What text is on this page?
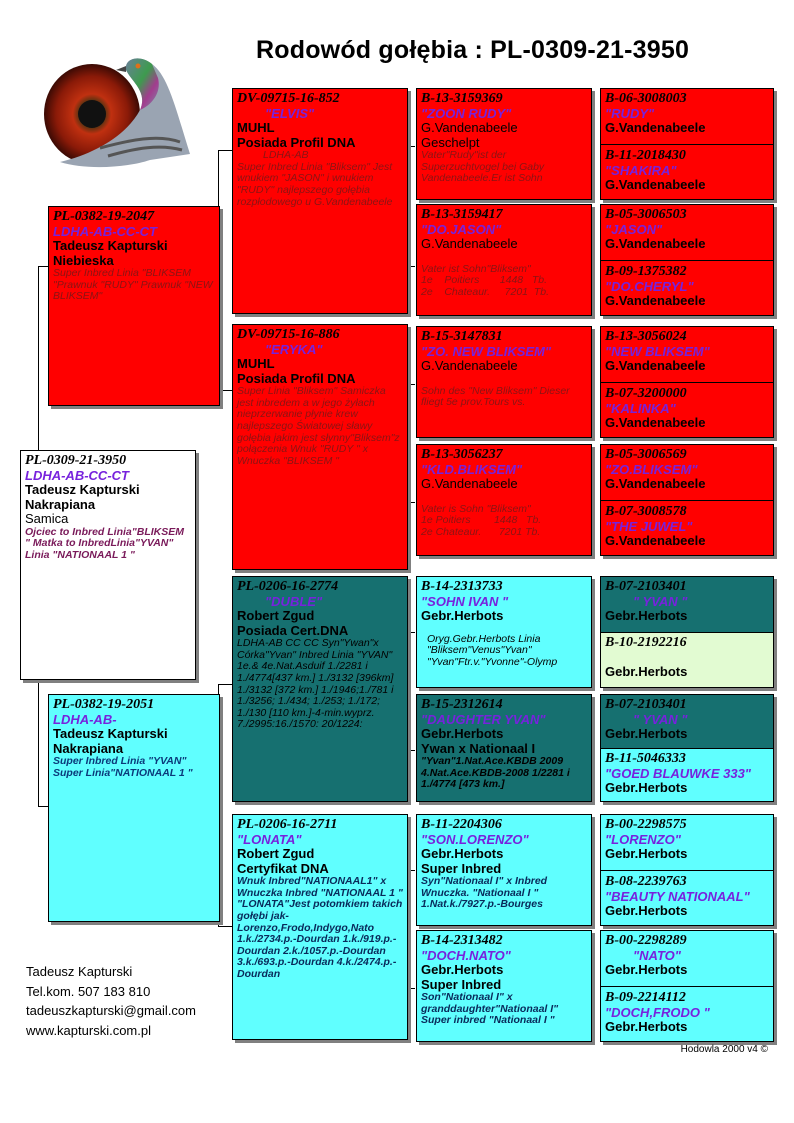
Rodowód gołębia : PL-0309-21-3950
PL-0309-21-3950
LDHA-AB-CC-CT
Tadeusz Kapturski
Nakrapiana
Samica
Ojciec to Inbred Linia"BLIKSEM " Matka to InbredLinia"YVAN" Linia "NATIONAAL 1 "
PL-0382-19-2047
LDHA-AB-CC-CT
Tadeusz Kapturski
Niebieska
Super Inbred Linia "BLIKSEM "Prawnuk "RUDY" Prawnuk "NEW BLIKSEM"
PL-0382-19-2051
LDHA-AB-
Tadeusz Kapturski
Nakrapiana
Super Inbred Linia "YVAN" Super Linia"NATIONAAL 1 "
DV-09715-16-852
"ELVIS"
MUHL
Posiada Profil DNA
LDHA-AB
Super Inbred Linia "Bliksem" Jest wnukiem "JASON" i wnukiem "RUDY" najlepszego gołębia rozpłodowego u G.Vandenabeele
DV-09715-16-886
"ERYKA"
MUHL
Posiada Profil DNA
Super Linia "Bliksem" Samiczka jest inbredem a w jego żyłach nieprzerwanie płynie krew najlepszego Światowej sławy gołębia jakim jest słynny"Bliksem"z połączenia Wnuk "RUDY " x Wnuczka "BLIKSEM "
PL-0206-16-2774
"DUBLE"
Robert Zgud
Posiada Cert.DNA
LDHA-AB CC CC Syn"Ywan"x Córka"Yvan" Inbred Linia "YVAN" 1e.& 4e.Nat.Asduif 1./2281 i 1./4774[437 km.] 1./3132 [396km] 1./3132 [372 km.] 1./1946;1./781 i 1./3256; 1./434; 1./253; 1./172; 1./130 [110 km.]-4-min.wyprz. 7./2995:16./1570: 20/1224:
PL-0206-16-2711
"LONATA"
Robert Zgud
Certyfikat DNA
Wnuk Inbred"NATIONAAL1" x Wnuczka Inbred "NATIONAAL 1 " "LONATA"Jest potomkiem takich gołębi jak- Lorenzo,Frodo,Indygo,Nato 1.k./2734.p.-Dourdan 1.k./919.p.-Dourdan 2.k./1057.p.-Dourdan 3.k./693.p.-Dourdan 4.k./2474.p.-Dourdan
B-13-3159369
"ZOON RUDY"
G.Vandenabeele
Geschelpt
Vater"Rudy"ist der Superzuchtvogel bei Gaby Vandenabeele.Er ist Sohn
B-13-3159417
"DO.JASON"
G.Vandenabeele
Vater ist Sohn"Bliksem"
1e    Poitiers       1448   Tb.
2e    Chateaur.     7201  Tb.
B-15-3147831
"ZO. NEW BLIKSEM"
G.Vandenabeele
Sohn des "New Bliksem" Dieser fliegt 5e prov.Tours vs.
B-13-3056237
"KLD.BLIKSEM"
G.Vandenabeele
Vater is Sohn "Bliksem"
1e Poitiers        1448   Tb.
2e Chateaur.      7201 Tb.
B-14-2313733
"SOHN IVAN "
Gebr.Herbots
Oryg.Gebr.Herbots Linia "Bliksem"Venus"Yvan" "Yvan"Ftr.v."Yvonne"-Olymp
B-15-2312614
"DAUGHTER YVAN"
Gebr.Herbots
Ywan x Nationaal I
"Yvan"1.Nat.Ace.KBDB 2009 4.Nat.Ace.KBDB-2008 1/2281 i 1./4774 [473 km.]
B-11-2204306
"SON.LORENZO"
Gebr.Herbots
Super Inbred
Syn"Nationaal I" x Inbred Wnuczka. "Nationaal I " 1.Nat.k./7927.p.-Bourges
B-14-2313482
"DOCH.NATO"
Gebr.Herbots
Super Inbred
Son"Nationaal I" x granddaughter"Nationaal I" Super inbred "Nationaal I "
B-06-3008003
"RUDY"
G.Vandenabeele
B-11-2018430
"SHAKIRA"
G.Vandenabeele
B-05-3006503
"JASON"
G.Vandenabeele
B-09-1375382
"DO.CHERYL"
G.Vandenabeele
B-13-3056024
"NEW BLIKSEM"
G.Vandenabeele
B-07-3200000
"KALINKA"
G.Vandenabeele
B-05-3006569
"ZO.BLIKSEM"
G.Vandenabeele
B-07-3008578
"THE JUWEL"
G.Vandenabeele
B-07-2103401
" YVAN "
Gebr.Herbots
B-10-2192216

Gebr.Herbots
B-07-2103401
" YVAN "
Gebr.Herbots
B-11-5046333
"GOED BLAUWKE 333"
Gebr.Herbots
B-00-2298575
"LORENZO"
Gebr.Herbots
B-08-2239763
"BEAUTY NATIONAAL"
Gebr.Herbots
B-00-2298289
"NATO"
Gebr.Herbots
B-09-2214112
"DOCH,FRODO "
Gebr.Herbots
Tadeusz Kapturski
Tel.kom. 507 183 810
tadeuszkapturski@gmail.com
www.kapturski.com.pl
Hodowla 2000 v4 ©
